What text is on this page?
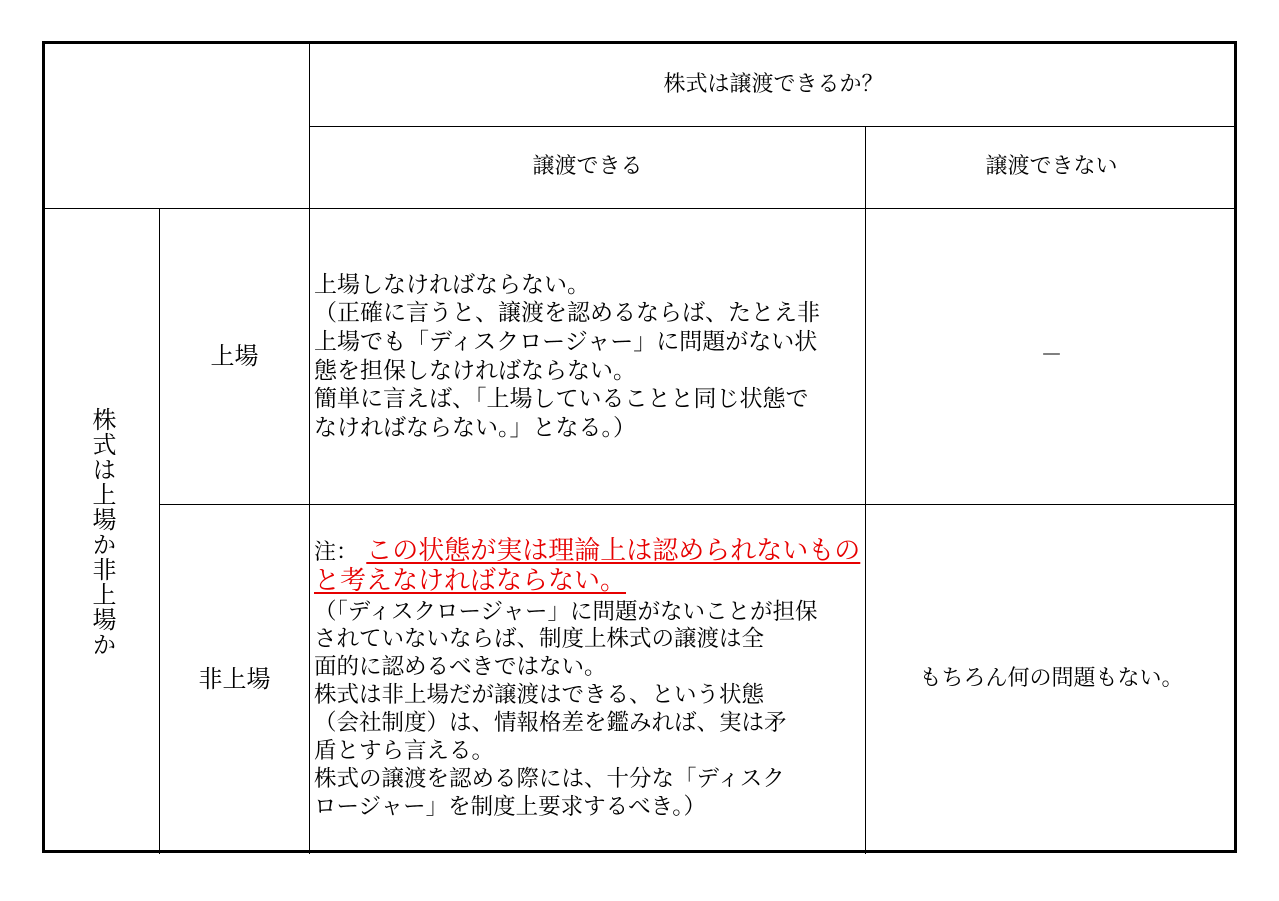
株式は譲渡できるか？
譲渡できる	譲渡できない
株式は上場か非上場か
上場

上場しなければならない。
（正確に言うと、譲渡を認めるならば、たとえ非
上場でも「ディスクロージャー」に問題がない状
態を担保しなければならない。
簡単に言えば、「上場していることと同じ状態で
なければならない。」となる。）

－
非上場

注： この状態が実は理論上は認められないものと考えなければならない。

（「ディスクロージャー」に問題がないことが担保
されていないならば、制度上株式の譲渡は全
面的に認めるべきではない。
株式は非上場だが譲渡はできる、という状態
（会社制度）は、情報格差を鑑みれば、実は矛
盾とすら言える。
株式の譲渡を認める際には、十分な「ディスク
ロージャー」を制度上要求するべき。）

もちろん何の問題もない。
